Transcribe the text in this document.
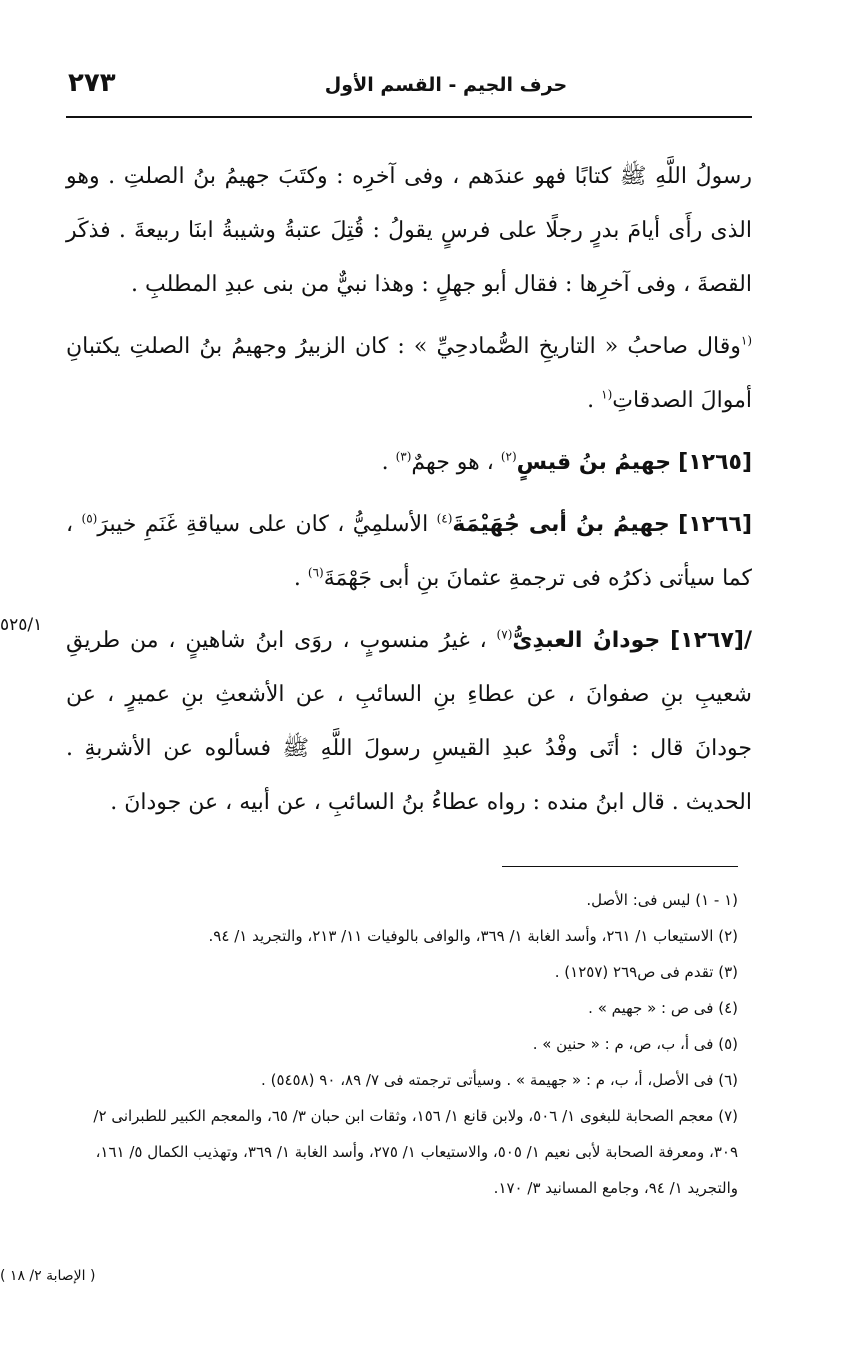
٢٧٣	حرف الجيم - القسم الأول
٥٢٥/١

رسولُ اللَّهِ ﷺ كتابًا فهو عندَهم ، وفى آخرِه : وكتَبَ جهيمُ بنُ الصلتِ . وهو الذى رأَى أيامَ بدرٍ رجلًا على فرسٍ يقولُ : قُتِلَ عتبةُ وشيبةُ ابنَا ربيعةَ . فذكَر القصةَ ، وفى آخرِها : فقال أبو جهلٍ : وهذا نبيٌّ من بنى عبدِ المطلبِ .

$^{(١}$وقال صاحبُ « التاريخِ الصُّمادحِيِّ » : كان الزبيرُ وجهيمُ بنُ الصلتِ يكتبانِ أموالَ الصدقاتِ$^{(١}$ .

[١٢٦٥] جهيمُ بنُ قيسٍ$^{(٢)}$ ، هو جهمٌ$^{(٣)}$ .

[١٢٦٦] جهيمُ بنُ أبى جُهَيْمَةَ$^{(٤)}$ الأسلمِيُّ ، كان على سياقةِ غَنَمِ خيبرَ$^{(٥)}$ ، كما سيأتى ذكرُه فى ترجمةِ عثمانَ بنِ أبى جَهْمَةَ$^{(٦)}$ .

/[١٢٦٧] جودانُ العبدِىُّ$^{(٧)}$ ، غيرُ منسوبٍ ، روَى ابنُ شاهينٍ ، من طريقِ شعيبِ بنِ صفوانَ ، عن عطاءِ بنِ السائبِ ، عن الأشعثِ بنِ عميرٍ ، عن جودانَ قال : أتَى وفْدُ عبدِ القيسِ رسولَ اللَّهِ ﷺ فسألوه عن الأشربةِ . الحديث . قال ابنُ منده : رواه عطاءُ بنُ السائبِ ، عن أبيه ، عن جودانَ .

(١ - ١) ليس فى: الأصل.

(٢) الاستيعاب ١/ ٢٦١، وأسد الغابة ١/ ٣٦٩، والوافى بالوفيات ١١/ ٢١٣، والتجريد ١/ ٩٤.

(٣) تقدم فى ص٢٦٩ (١٢٥٧) .

(٤) فى ص : « جهيم » .

(٥) فى أ، ب، ص، م : « حنين » .

(٦) فى الأصل، أ، ب، م : « جهيمة » . وسيأتى ترجمته فى ٧/ ٨٩، ٩٠ (٥٤٥٨) .

(٧) معجم الصحابة للبغوى ١/ ٥٠٦، ولابن قانع ١/ ١٥٦، وثقات ابن حبان ٣/ ٦٥، والمعجم الكبير للطبرانى ٢/ ٣٠٩، ومعرفة الصحابة لأبى نعيم ١/ ٥٠٥، والاستيعاب ١/ ٢٧٥، وأسد الغابة ١/ ٣٦٩، وتهذيب الكمال ٥/ ١٦١، والتجريد ١/ ٩٤، وجامع المسانيد ٣/ ١٧٠.

( الإصابة ٢/ ١٨ )
